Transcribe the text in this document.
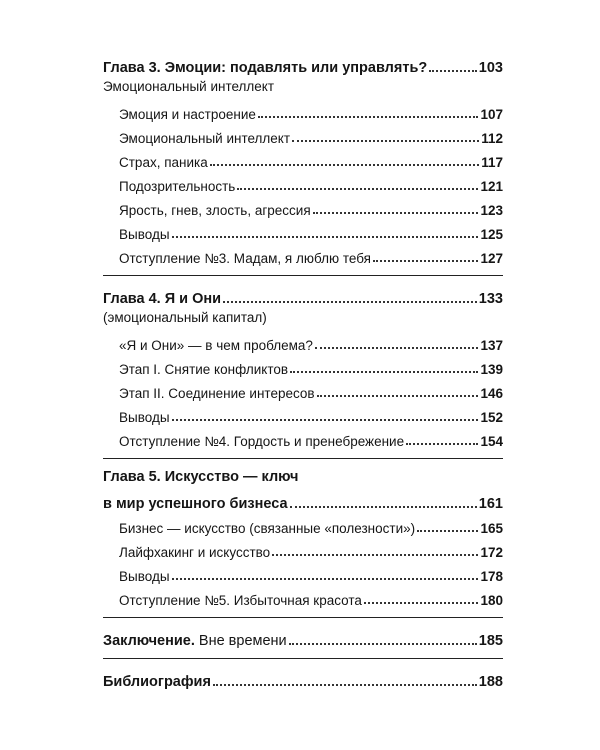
Глава 3. Эмоции: подавлять или управлять?	103
Эмоциональный интеллект
Эмоция и настроение	107
Эмоциональный интеллект	112
Страх, паника	117
Подозрительность	121
Ярость, гнев, злость, агрессия	123
Выводы	125
Отступление №3. Мадам, я люблю тебя	127
Глава 4. Я и Они	133
(эмоциональный капитал)
«Я и Они» — в чем проблема?	137
Этап I. Снятие конфликтов	139
Этап II. Соединение интересов	146
Выводы	152
Отступление №4. Гордость и пренебрежение	154
Глава 5. Искусство — ключ
в мир успешного бизнеса	161
Бизнес — искусство (связанные «полезности»)	165
Лайфхакинг и искусство	172
Выводы	178
Отступление №5. Избыточная красота	180
Заключение. Вне времени	185
Библиография	188
